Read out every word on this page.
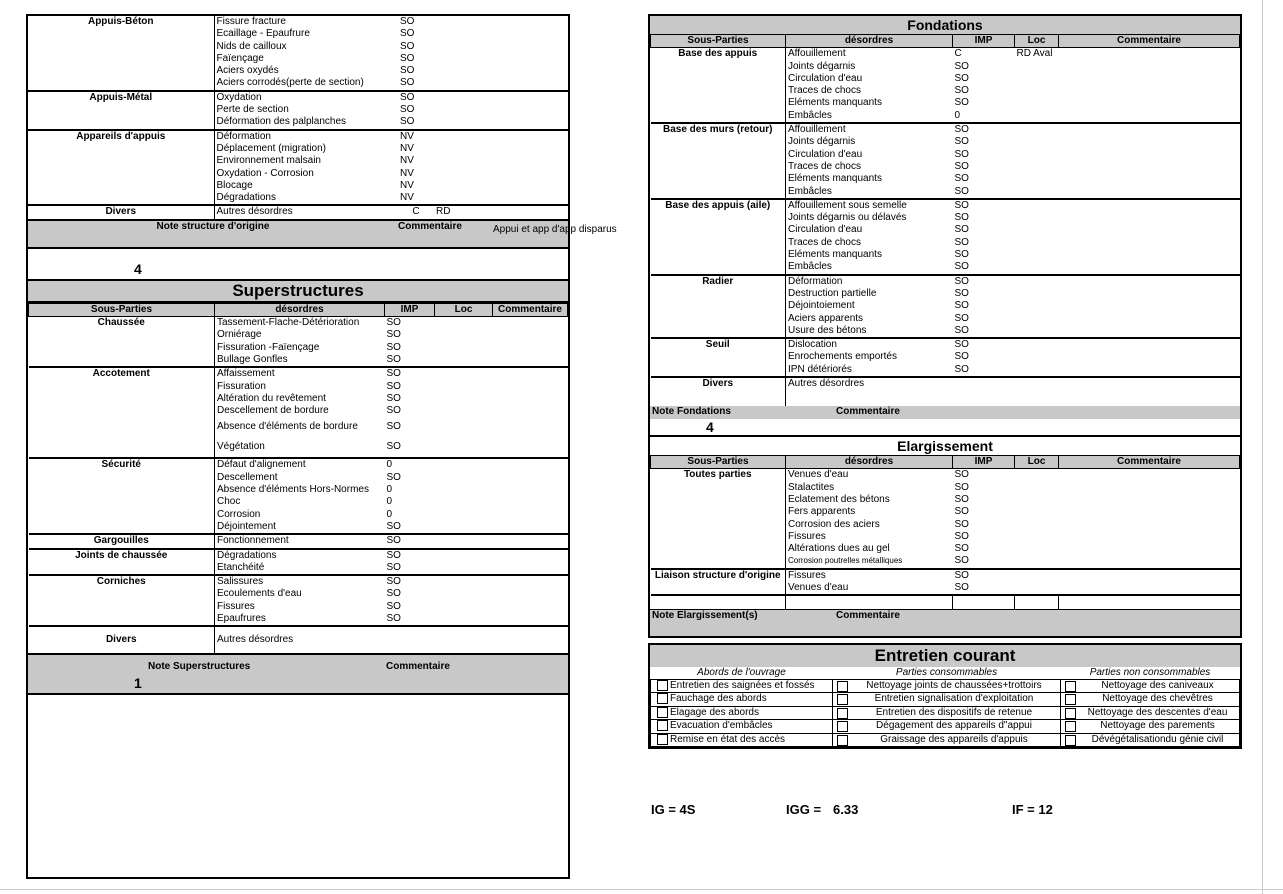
Appuis-Béton	Fissure fracture	SO		
	Ecaillage - Epaufrure	SO		
	Nids de cailloux	SO		
	Faïençage	SO		
	Aciers oxydés	SO		
	Aciers corrodés(perte de section)	SO		
Appuis-Métal	Oxydation	SO		
	Perte de section	SO		
	Déformation des palplanches	SO		
Appareils d'appuis	Déformation	NV		
	Déplacement (migration)	NV		
	Environnement malsain	NV		
	Oxydation - Corrosion	NV		
	Blocage	NV		
	Dégradations	NV		
Divers	Autres désordres	C	RD	
Note structure d'origine	Commentaire
4
Superstructures
Sous-Parties	désordres	IMP	Loc	Commentaire
Chaussée	Tassement-Flache-Détérioration	SO		
	Orniérage	SO		
	Fissuration -Faïençage	SO		
	Bullage Gonfles	SO		
Accotement	Affaissement	SO		
	Fissuration	SO		
	Altération du revêtement	SO		
	Descellement de bordure	SO		
	Absence d'éléments de bordure	SO		
	Végétation	SO		
Sécurité	Défaut d'alignement	0		
	Descellement	SO		
	Absence d'éléments Hors-Normes	0		
	Choc	0		
	Corrosion	0		
	Déjointement	SO		
Gargouilles	Fonctionnement	SO		
Joints de chaussée	Dégradations	SO		
	Etanchéité	SO		
Corniches	Salissures	SO		
	Ecoulements d'eau	SO		
	Fissures	SO		
	Epaufrures	SO		
Divers	Autres désordres			
Note Superstructures	Commentaire
1
Appui et app d'app disparus
Fondations
Sous-Parties	désordres	IMP	Loc	Commentaire
Base des appuis	Affouillement	C	RD Aval	
	Joints dégarnis	SO		
	Circulation d'eau	SO		
	Traces de chocs	SO		
	Eléments manquants	SO		
	Embâcles	0		
Base des murs (retour)	Affouillement	SO		
	Joints dégarnis	SO		
	Circulation d'eau	SO		
	Traces de chocs	SO		
	Eléments manquants	SO		
	Embâcles	SO		
Base des appuis (aile)	Affouillement sous semelle	SO		
	Joints dégarnis ou délavés	SO		
	Circulation d'eau	SO		
	Traces de chocs	SO		
	Eléments manquants	SO		
	Embâcles	SO		
Radier	Déformation	SO		
	Destruction partielle	SO		
	Déjointoiement	SO		
	Aciers apparents	SO		
	Usure des bétons	SO		
Seuil	Dislocation	SO		
	Enrochements emportés	SO		
	IPN détériorés	SO		
Divers	Autres désordres			
Note Fondations	Commentaire
4
Elargissement
Sous-Parties	désordres	IMP	Loc	Commentaire
Toutes parties	Venues d'eau	SO		
	Stalactites	SO		
	Eclatement des bétons	SO		
	Fers apparents	SO		
	Corrosion des aciers	SO		
	Fissures	SO		
	Altérations dues au gel	SO		
	Corrosion poutrelles métalliques	SO		
Liaison structure d'origine	Fissures	SO		
	Venues d'eau	SO		

Note Elargissement(s)	Commentaire
Entretien courant
Abords de l'ouvrage	Parties consommables	Parties non consommables
Entretien des saignées et fossés	Nettoyage joints de chaussées+trottoirs	Nettoyage des caniveaux
Fauchage des abords	Entretien signalisation d'exploitation	Nettoyage des chevêtres
Elagage des abords	Entretien des dispositifs de retenue	Nettoyage des descentes d'eau
Evacuation d'embâcles	Dégagement des appareils d"appui	Nettoyage des parements
Remise en état des accès	Graissage des appareils d'appuis	Dévégétalisationdu génie civil
IG = 4S	IGG = 6.33	IF = 12
